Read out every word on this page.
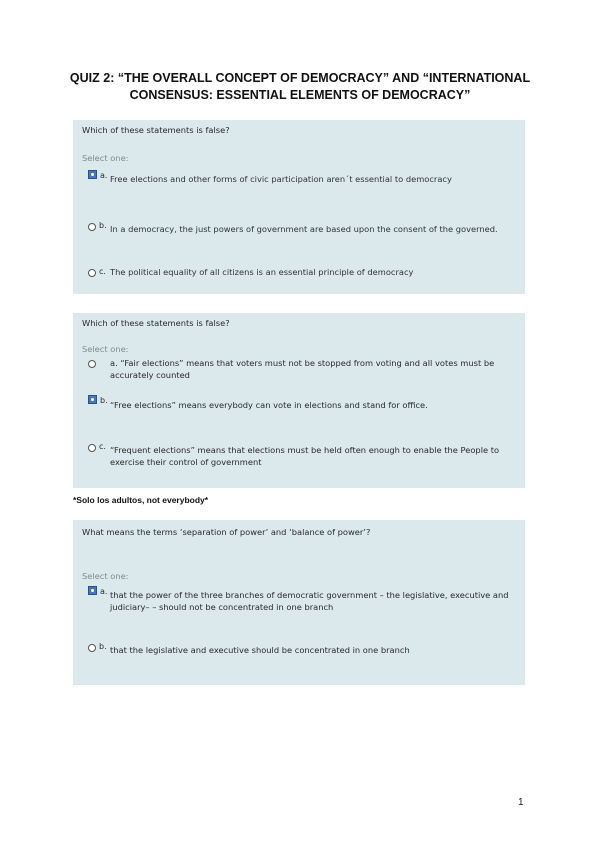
QUIZ 2: “THE OVERALL CONCEPT OF DEMOCRACY” AND “INTERNATIONAL
CONSENSUS: ESSENTIAL ELEMENTS OF DEMOCRACY”

Which of these statements is false?

Select one:
a. Free elections and other forms of civic participation aren´t essential to democracy
b. In a democracy, the just powers of government are based upon the consent of the governed.
c. The political equality of all citizens is an essential principle of democracy

Which of these statements is false?

Select one:
a. “Fair elections” means that voters must not be stopped from voting and all votes must be accurately counted
b. “Free elections” means everybody can vote in elections and stand for office.
c. “Frequent elections” means that elections must be held often enough to enable the People to exercise their control of government
*Solo los adultos, not everybody*

What means the terms ‘separation of power’ and ‘balance of power’?

Select one:
a. that the power of the three branches of democratic government – the legislative, executive and judiciary– – should not be concentrated in one branch
b. that the legislative and executive should be concentrated in one branch
1
